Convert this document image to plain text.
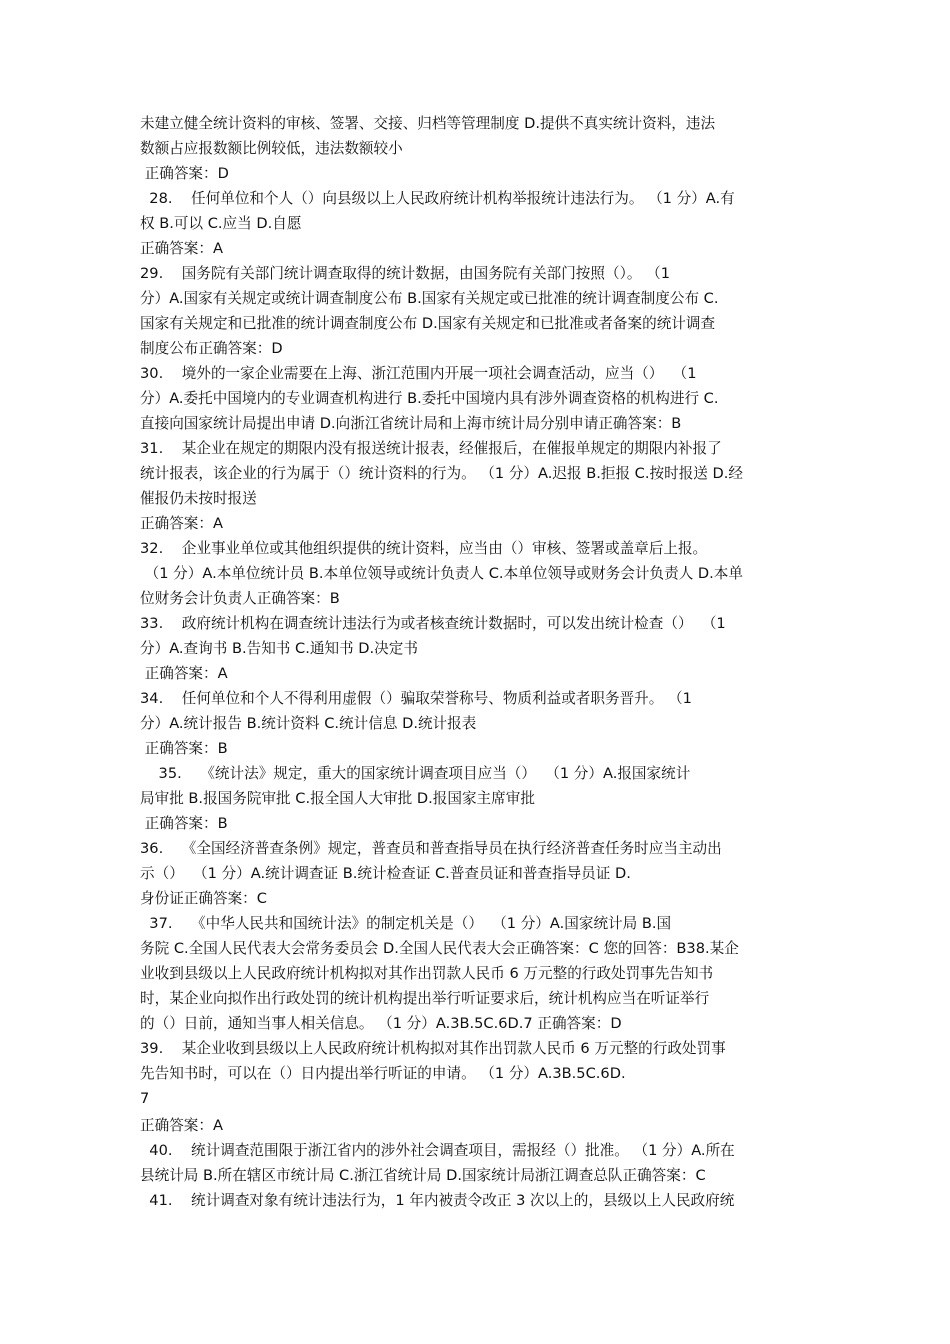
未建立健全统计资料的审核、签署、交接、归档等管理制度 D.提供不真实统计资料，违法
数额占应报数额比例较低，违法数额较小
正确答案：D
28.    任何单位和个人（）向县级以上人民政府统计机构举报统计违法行为。 （1 分）A.有
权 B.可以 C.应当 D.自愿
正确答案：A
29.    国务院有关部门统计调查取得的统计数据，由国务院有关部门按照（）。 （1
分）A.国家有关规定或统计调查制度公布 B.国家有关规定或已批准的统计调查制度公布 C.
国家有关规定和已批准的统计调查制度公布 D.国家有关规定和已批准或者备案的统计调查
制度公布正确答案：D
30.    境外的一家企业需要在上海、浙江范围内开展一项社会调查活动，应当（）  （1
分）A.委托中国境内的专业调查机构进行 B.委托中国境内具有涉外调查资格的机构进行 C.
直接向国家统计局提出申请 D.向浙江省统计局和上海市统计局分别申请正确答案：B
31.    某企业在规定的期限内没有报送统计报表，经催报后，在催报单规定的期限内补报了
统计报表，该企业的行为属于（）统计资料的行为。 （1 分）A.迟报 B.拒报 C.按时报送 D.经
催报仍未按时报送
正确答案：A
32.    企业事业单位或其他组织提供的统计资料，应当由（）审核、签署或盖章后上报。
（1 分）A.本单位统计员 B.本单位领导或统计负责人 C.本单位领导或财务会计负责人 D.本单
位财务会计负责人正确答案：B
33.    政府统计机构在调查统计违法行为或者核查统计数据时，可以发出统计检查（）  （1
分）A.查询书 B.告知书 C.通知书 D.决定书
正确答案：A
34.    任何单位和个人不得利用虚假（）骗取荣誉称号、物质利益或者职务晋升。 （1
分）A.统计报告 B.统计资料 C.统计信息 D.统计报表
正确答案：B
35.    《统计法》规定，重大的国家统计调查项目应当（）  （1 分）A.报国家统计
局审批 B.报国务院审批 C.报全国人大审批 D.报国家主席审批
正确答案：B
36.    《全国经济普查条例》规定，普查员和普查指导员在执行经济普查任务时应当主动出
示（）  （1 分）A.统计调查证 B.统计检查证 C.普查员证和普查指导员证 D.
身份证正确答案：C
37.    《中华人民共和国统计法》的制定机关是（）  （1 分）A.国家统计局 B.国
务院 C.全国人民代表大会常务委员会 D.全国人民代表大会正确答案：C 您的回答：B38.某企
业收到县级以上人民政府统计机构拟对其作出罚款人民币 6 万元整的行政处罚事先告知书
时，某企业向拟作出行政处罚的统计机构提出举行听证要求后，统计机构应当在听证举行
的（）日前，通知当事人相关信息。 （1 分）A.3B.5C.6D.7 正确答案：D
39.    某企业收到县级以上人民政府统计机构拟对其作出罚款人民币 6 万元整的行政处罚事
先告知书时，可以在（）日内提出举行听证的申请。 （1 分）A.3B.5C.6D.
7
正确答案：A
40.    统计调查范围限于浙江省内的涉外社会调查项目，需报经（）批准。 （1 分）A.所在
县统计局 B.所在辖区市统计局 C.浙江省统计局 D.国家统计局浙江调查总队正确答案：C
41.    统计调查对象有统计违法行为，1 年内被责令改正 3 次以上的，县级以上人民政府统
